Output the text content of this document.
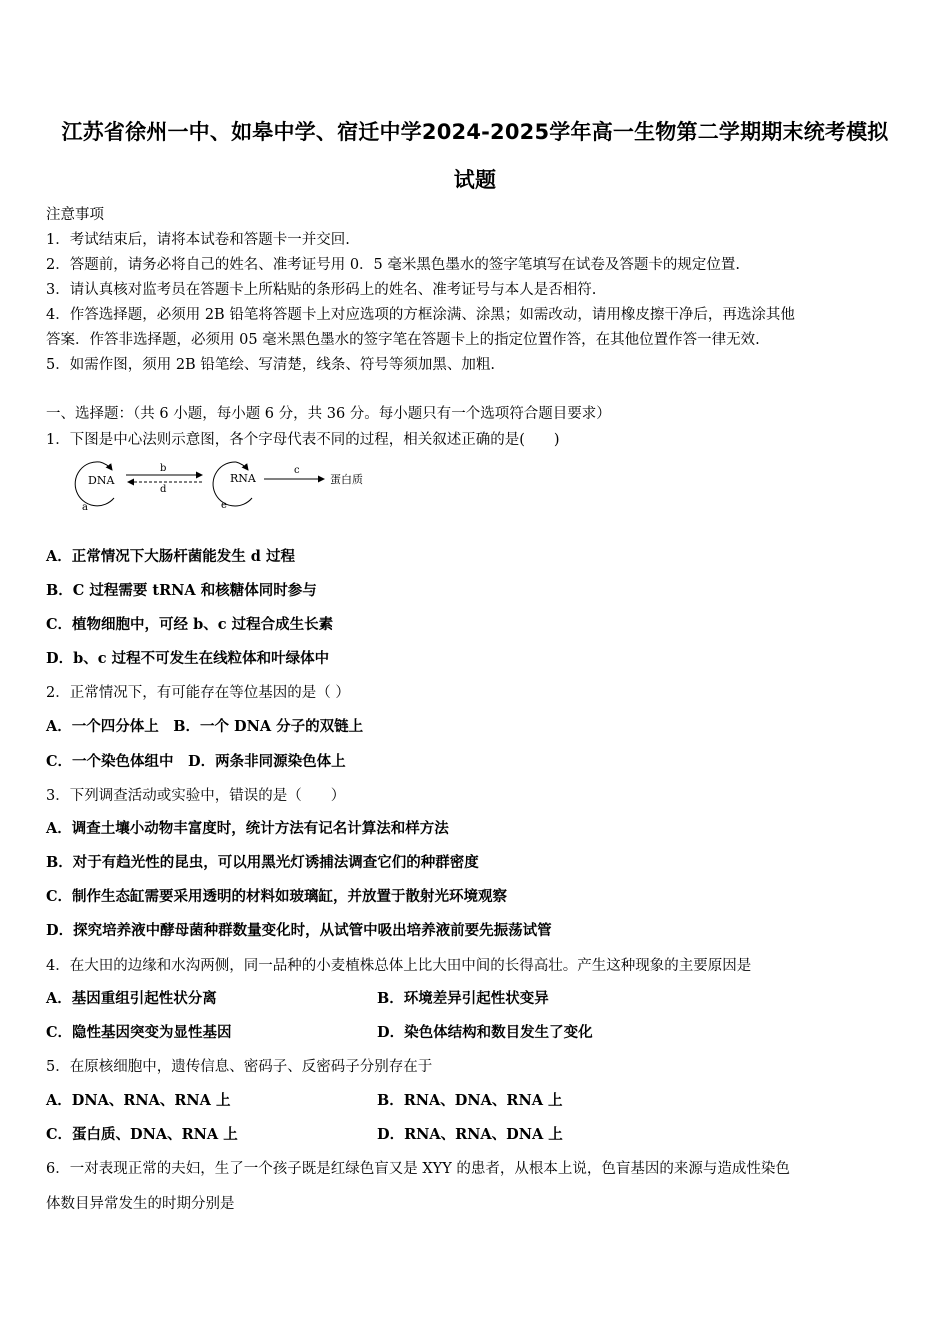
江苏省徐州一中、如皋中学、宿迁中学2024-2025学年高一生物第二学期期末统考模拟
试题
注意事项
1．考试结束后，请将本试卷和答题卡一并交回.
2．答题前，请务必将自己的姓名、准考证号用 0．5 毫米黑色墨水的签字笔填写在试卷及答题卡的规定位置.
3．请认真核对监考员在答题卡上所粘贴的条形码上的姓名、准考证号与本人是否相符.
4．作答选择题，必须用 2B 铅笔将答题卡上对应选项的方框涂满、涂黑；如需改动，请用橡皮擦干净后，再选涂其他
答案．作答非选择题，必须用 05 毫米黑色墨水的签字笔在答题卡上的指定位置作答，在其他位置作答一律无效.
5．如需作图，须用 2B 铅笔绘、写清楚，线条、符号等须加黑、加粗.
一、选择题：（共 6 小题，每小题 6 分，共 36 分。每小题只有一个选项符合题目要求）
1．下图是中心法则示意图，各个字母代表不同的过程，相关叙述正确的是(　　)
DNA
a
b
d
RNA
e
c
蛋白质
A．正常情况下大肠杆菌能发生 d 过程
B．C 过程需要 tRNA 和核糖体同时参与
C．植物细胞中，可经 b、c 过程合成生长素
D．b、c 过程不可发生在线粒体和叶绿体中
2．正常情况下，有可能存在等位基因的是（ ）
A．一个四分体上　B．一个 DNA 分子的双链上
C．一个染色体组中　D．两条非同源染色体上
3．下列调查活动或实验中，错误的是（　　）
A．调查土壤小动物丰富度时，统计方法有记名计算法和样方法
B．对于有趋光性的昆虫，可以用黑光灯诱捕法调查它们的种群密度
C．制作生态缸需要采用透明的材料如玻璃缸，并放置于散射光环境观察
D．探究培养液中酵母菌种群数量变化时，从试管中吸出培养液前要先振荡试管
4．在大田的边缘和水沟两侧，同一品种的小麦植株总体上比大田中间的长得高壮。产生这种现象的主要原因是
A．基因重组引起性状分离	B．环境差异引起性状变异
C．隐性基因突变为显性基因	D．染色体结构和数目发生了变化
5．在原核细胞中，遗传信息、密码子、反密码子分别存在于
A．DNA、RNA、RNA 上	B．RNA、DNA、RNA 上
C．蛋白质、DNA、RNA 上	D．RNA、RNA、DNA 上
6．一对表现正常的夫妇，生了一个孩子既是红绿色盲又是 XYY 的患者，从根本上说，色盲基因的来源与造成性染色
体数目异常发生的时期分别是
